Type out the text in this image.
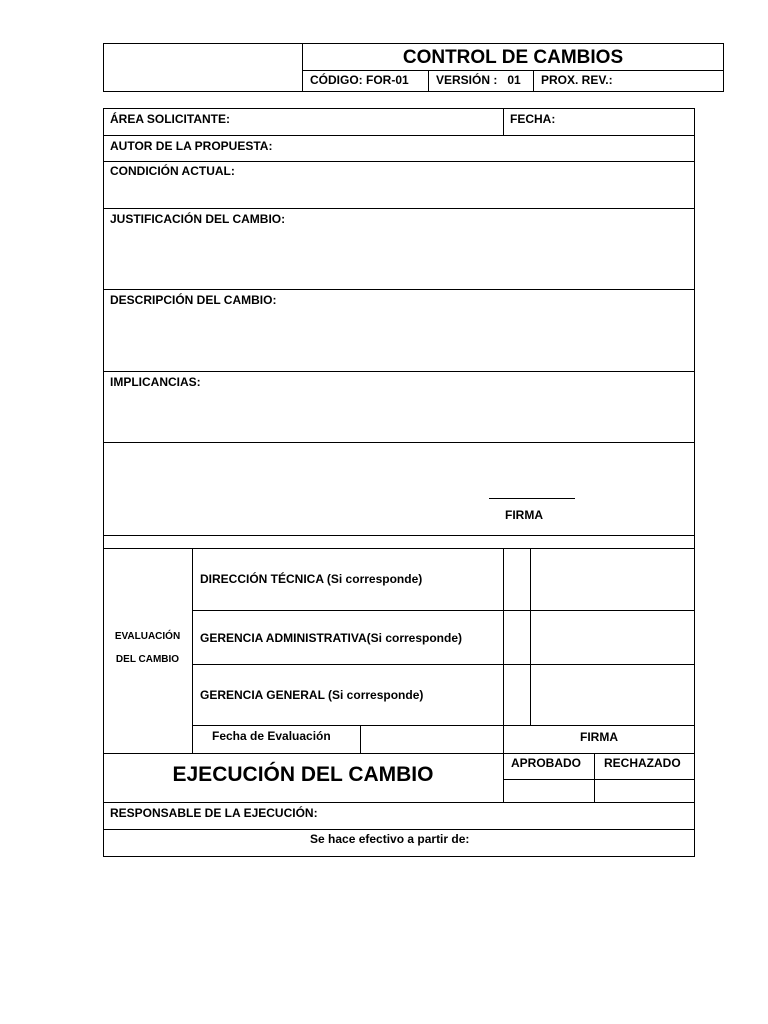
CONTROL DE CAMBIOS
CÓDIGO: FOR-01 VERSIÓN :   01 PROX. REV.:
ÁREA SOLICITANTE:	FECHA:
AUTOR DE LA PROPUESTA:
CONDICIÓN ACTUAL:
JUSTIFICACIÓN DEL CAMBIO:
DESCRIPCIÓN DEL CAMBIO:
IMPLICANCIAS:
FIRMA
EVALUACIÓN
DEL CAMBIO
DIRECCIÓN TÉCNICA (Si corresponde)
GERENCIA ADMINISTRATIVA(Si corresponde)
GERENCIA GENERAL (Si corresponde)
Fecha de Evaluación	FIRMA
EJECUCIÓN DEL CAMBIO	APROBADO RECHAZADO
RESPONSABLE DE LA EJECUCIÓN:
Se hace efectivo a partir de:
